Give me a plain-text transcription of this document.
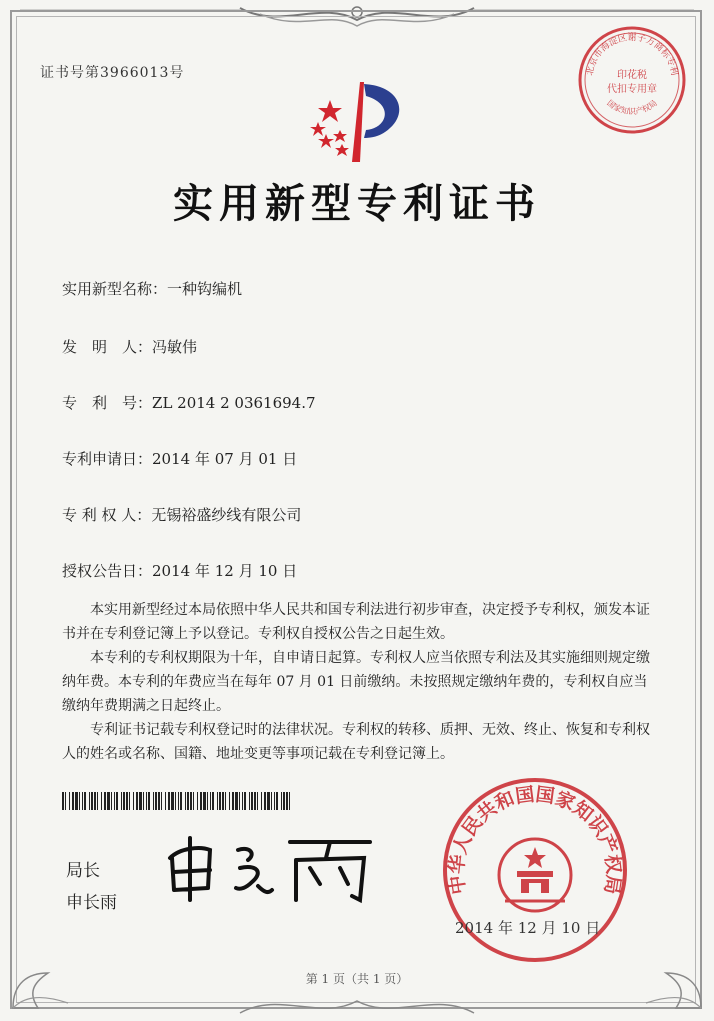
证书号第3966013号	北京市海淀区谢子万商标专利
印花税
代扣专用章
国家知识产权局
实用新型专利证书
实用新型名称：一种钩编机
发　明　人：冯敏伟
专　利　号：ZL 2014 2 0361694.7
专利申请日：2014 年 07 月 01 日
专 利 权 人：无锡裕盛纱线有限公司
授权公告日：2014 年 12 月 10 日

本实用新型经过本局依照中华人民共和国专利法进行初步审查，决定授予专利权，颁发本证书并在专利登记簿上予以登记。专利权自授权公告之日起生效。

本专利的专利权期限为十年，自申请日起算。专利权人应当依照专利法及其实施细则规定缴纳年费。本专利的年费应当在每年 07 月 01 日前缴纳。未按照规定缴纳年费的，专利权自应当缴纳年费期满之日起终止。

专利证书记载专利权登记时的法律状况。专利权的转移、质押、无效、终止、恢复和专利权人的姓名或名称、国籍、地址变更等事项记载在专利登记簿上。

局长
申长雨
中华人民共和国国家知识产权局
2014 年 12 月 10 日
第 1 页（共 1 页）
